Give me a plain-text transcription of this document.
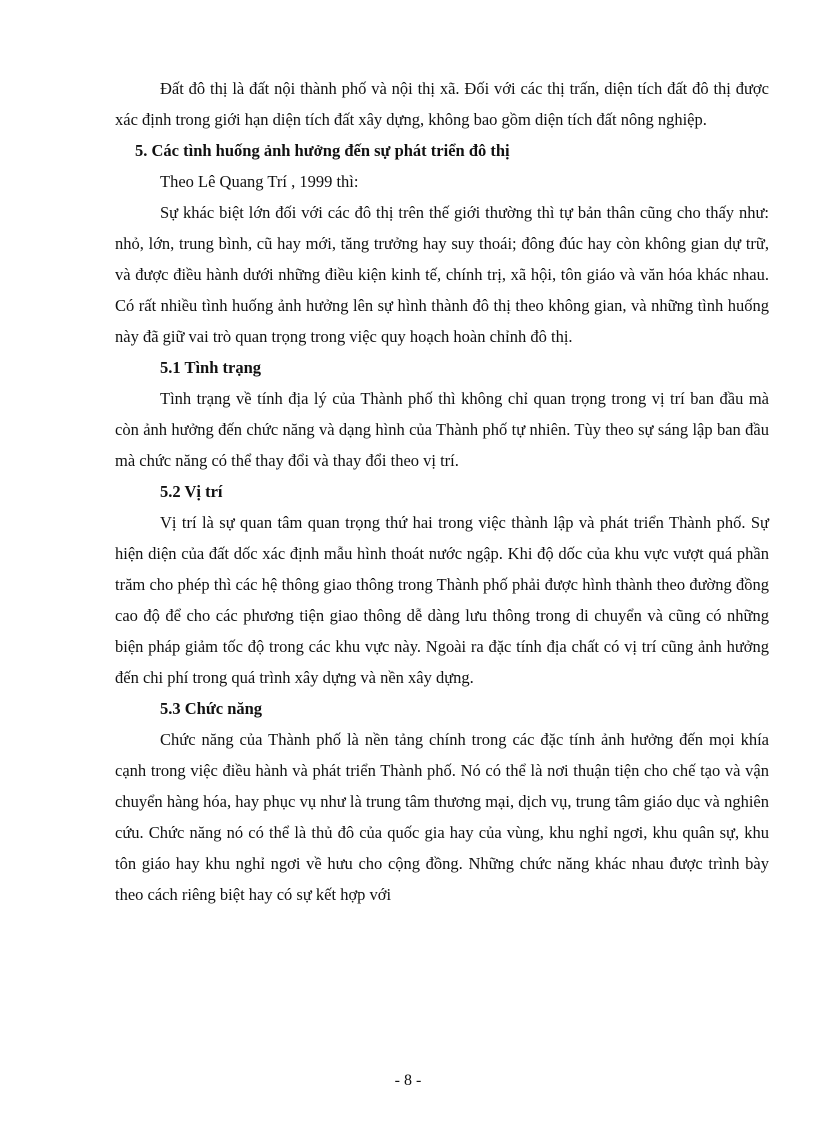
Đất đô thị là đất nội thành phố và nội thị xã. Đối với các thị trấn, diện tích đất đô thị được xác định trong giới hạn diện tích đất xây dựng, không bao gồm diện tích đất nông nghiệp.

5. Các tình huống ảnh hưởng đến sự phát triển đô thị

Theo Lê Quang Trí , 1999 thì:

Sự khác biệt lớn đối với các đô thị trên thế giới thường thì tự bản thân cũng cho thấy như: nhỏ, lớn, trung bình, cũ hay mới, tăng trưởng hay suy thoái; đông đúc hay còn không gian dự trữ, và được điều hành dưới những điều kiện kinh tế, chính trị, xã hội, tôn giáo và văn hóa khác nhau. Có rất nhiều tình huống ảnh hưởng lên sự hình thành đô thị theo không gian, và những tình huống này đã giữ vai trò quan trọng trong việc quy hoạch hoàn chỉnh đô thị.

5.1 Tình trạng

Tình trạng về tính địa lý của Thành phố thì không chỉ quan trọng trong vị trí ban đầu mà còn ảnh hưởng đến chức năng và dạng hình của Thành phố tự nhiên. Tùy theo sự sáng lập ban đầu mà chức năng có thể thay đổi và thay đổi theo vị trí.

5.2 Vị trí

Vị trí là sự quan tâm quan trọng thứ hai trong việc thành lập và phát triển Thành phố. Sự hiện diện của đất dốc xác định mẫu hình thoát nước ngập. Khi độ dốc của khu vực vượt quá phần trăm cho phép thì các hệ thông giao thông trong Thành phố phải được hình thành theo đường đồng cao độ để cho các phương tiện giao thông dễ dàng lưu thông trong di chuyển và cũng có những biện pháp giảm tốc độ trong các khu vực này. Ngoài ra đặc tính địa chất có vị trí cũng ảnh hưởng đến chi phí trong quá trình xây dựng và nền xây dựng.

5.3 Chức năng

Chức năng của Thành phố là nền tảng chính trong các đặc tính ảnh hưởng đến mọi khía cạnh trong việc điều hành và phát triển Thành phố. Nó có thể là nơi thuận tiện cho chế tạo và vận chuyển hàng hóa, hay phục vụ như là trung tâm thương mại, dịch vụ, trung tâm giáo dục và nghiên cứu. Chức năng nó có thể là thủ đô của quốc gia hay của vùng, khu nghỉ ngơi, khu quân sự, khu tôn giáo hay khu nghỉ ngơi về hưu cho cộng đồng. Những chức năng khác nhau được trình bày theo cách riêng biệt hay có sự kết hợp với

- 8 -
